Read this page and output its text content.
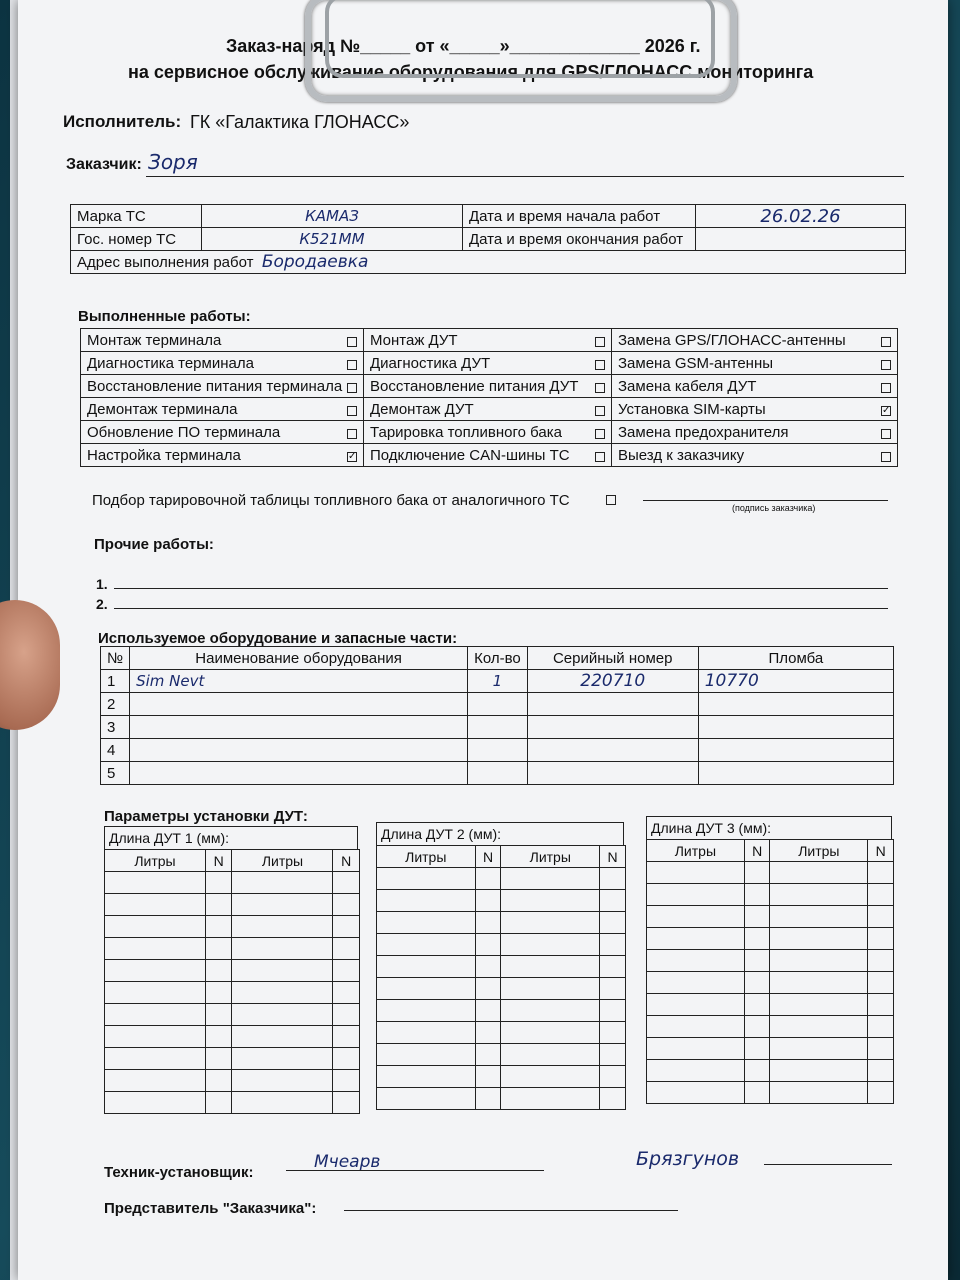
Заказ-наряд №_____ от «_____»_____________ 2026 г.
на сервисное обслуживание оборудования для GPS/ГЛОНАСС мониторинга
Исполнитель: ГК «Галактика ГЛОНАСС»
Заказчик: Зоря
Марка ТС	КАМАЗ	Дата и время начала работ	26.02.26
Гос. номер ТС	К521ММ	Дата и время окончания работ	
Адрес выполнения работ Бородаевка			
Выполненные работы:
Монтаж терминала	Монтаж ДУТ	Замена GPS/ГЛОНАСС-антенны

Диагностика терминала	Диагностика ДУТ	Замена GSM-антенны

Восстановление питания терминала	Восстановление питания ДУТ	Замена кабеля ДУТ

Демонтаж терминала	Демонтаж ДУТ	Установка SIM-карты ✓

Обновление ПО терминала	Тарировка топливного бака	Замена предохранителя

Настройка терминала ✓	Подключение CAN-шины ТС	Выезд к заказчику
Подбор тарировочной таблицы топливного бака от аналогичного ТС	(подпись заказчика)
Прочие работы:
1.
2.
Используемое оборудование и запасные части:
№	Наименование оборудования	Кол-во	Серийный номер	Пломба
1	Sim Nevt	1	220710	10770
2				
3				
4				
5				
Параметры установки ДУТ:
Длина ДУТ 1 (мм):
Литры	N	Литры	N

Длина ДУТ 2 (мм):
Литры	N	Литры	N

Длина ДУТ 3 (мм):
Литры	N	Литры	N

Техник-установщик:
Мчеарв	Брязгунов
Представитель "Заказчика":
